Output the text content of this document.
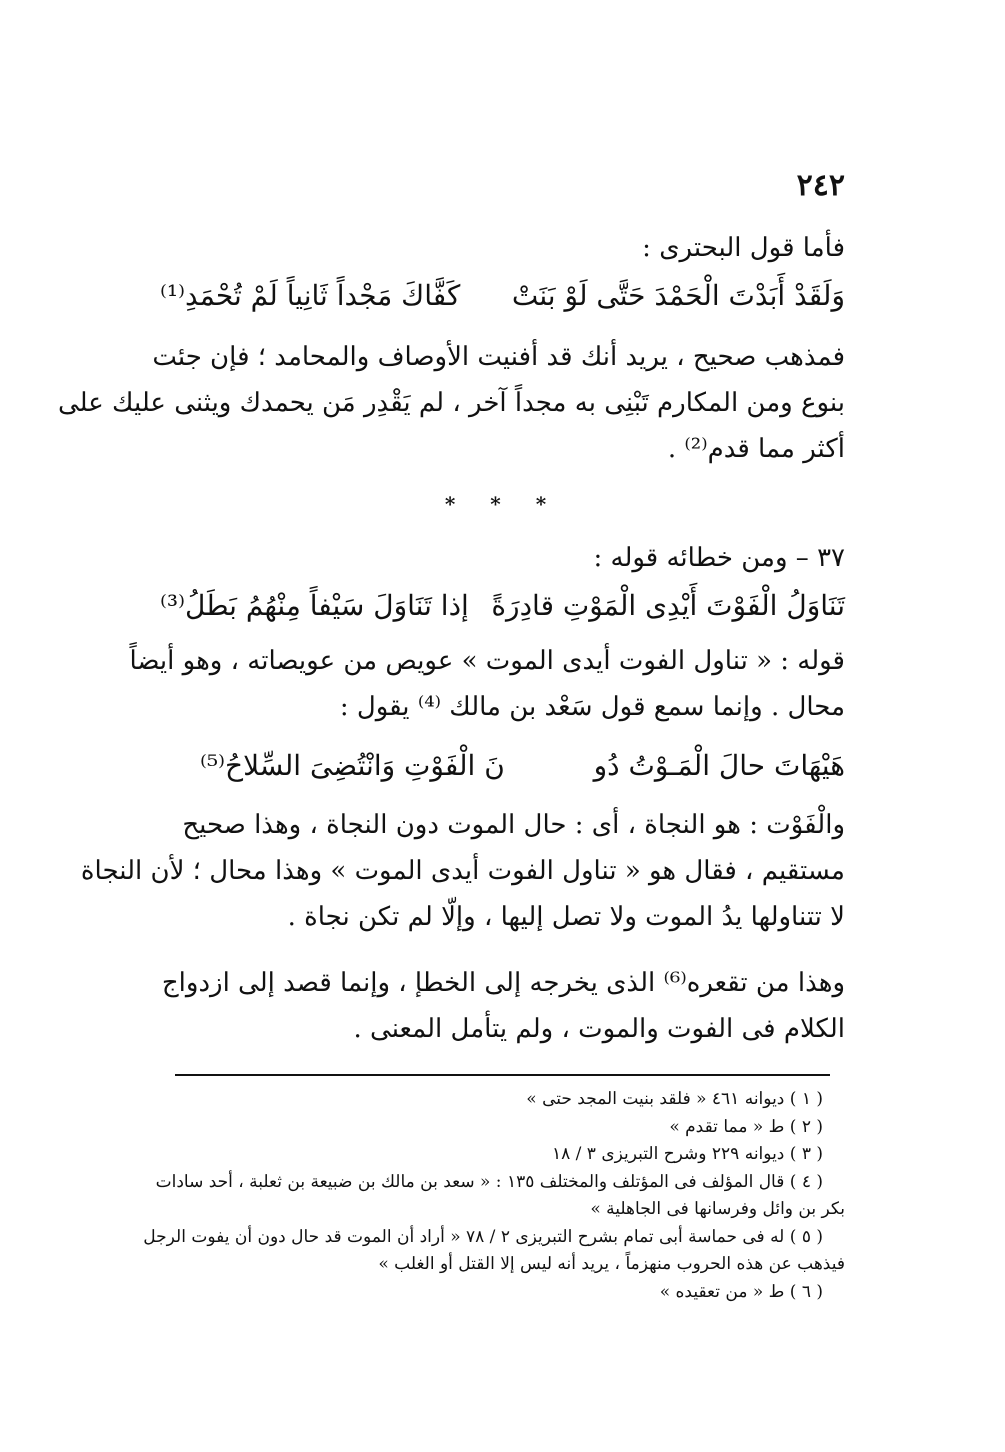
٢٤٢
فأما قول البحترى :
وَلَقَدْ أَبَدْتَ الْحَمْدَ حَتَّى لَوْ بَنَتْ
كَفَّاكَ مَجْداً ثَانِياً لَمْ تُحْمَدِ⁽¹⁾
فمذهب صحيح ، يريد أنك قد أفنيت الأوصاف والمحامد ؛ فإن جئت
بنوع ومن المكارم تَبْنِى به مجداً آخر ، لم يَقْدِر مَن يحمدك ويثنى عليك على
أكثر مما قدم⁽²⁾ .
* * *
٣٧ – ومن خطائه قوله :
تَنَاوَلُ الْفَوْتَ أَيْدِى الْمَوْتِ قادِرَةً
إذا تَنَاوَلَ سَيْفاً مِنْهُمُ بَطَلُ⁽³⁾
قوله : « تناول الفوت أيدى الموت » عويص من عويصاته ، وهو أيضاً
محال . وإنما سمع قول سَعْد بن مالك ⁽⁴⁾ يقول :
هَيْهَاتَ حالَ الْمَـوْتُ دُو
نَ الْفَوْتِ وَانْتُضِىَ السِّلاحُ⁽⁵⁾
والْفَوْت : هو النجاة ، أى : حال الموت دون النجاة ، وهذا صحيح
مستقيم ، فقال هو « تناول الفوت أيدى الموت » وهذا محال ؛ لأن النجاة
لا تتناولها يدُ الموت ولا تصل إليها ، وإلّا لم تكن نجاة .
وهذا من تقعره⁽⁶⁾ الذى يخرجه إلى الخطإ ، وإنما قصد إلى ازدواج
الكلام فى الفوت والموت ، ولم يتأمل المعنى .
( ١ ) ديوانه ٤٦١ « فلقد بنيت المجد حتى »
( ٢ ) ط « مما تقدم »
( ٣ ) ديوانه ٢٢٩ وشرح التبريزى ٣ / ١٨
( ٤ ) قال المؤلف فى المؤتلف والمختلف ١٣٥ : « سعد بن مالك بن ضبيعة بن ثعلبة ، أحد سادات
بكر بن وائل وفرسانها فى الجاهلية »
( ٥ ) له فى حماسة أبى تمام بشرح التبريزى ٢ / ٧٨ « أراد أن الموت قد حال دون أن يفوت الرجل
فيذهب عن هذه الحروب منهزماً ، يريد أنه ليس إلا القتل أو الغلب »
( ٦ ) ط « من تعقيده »
